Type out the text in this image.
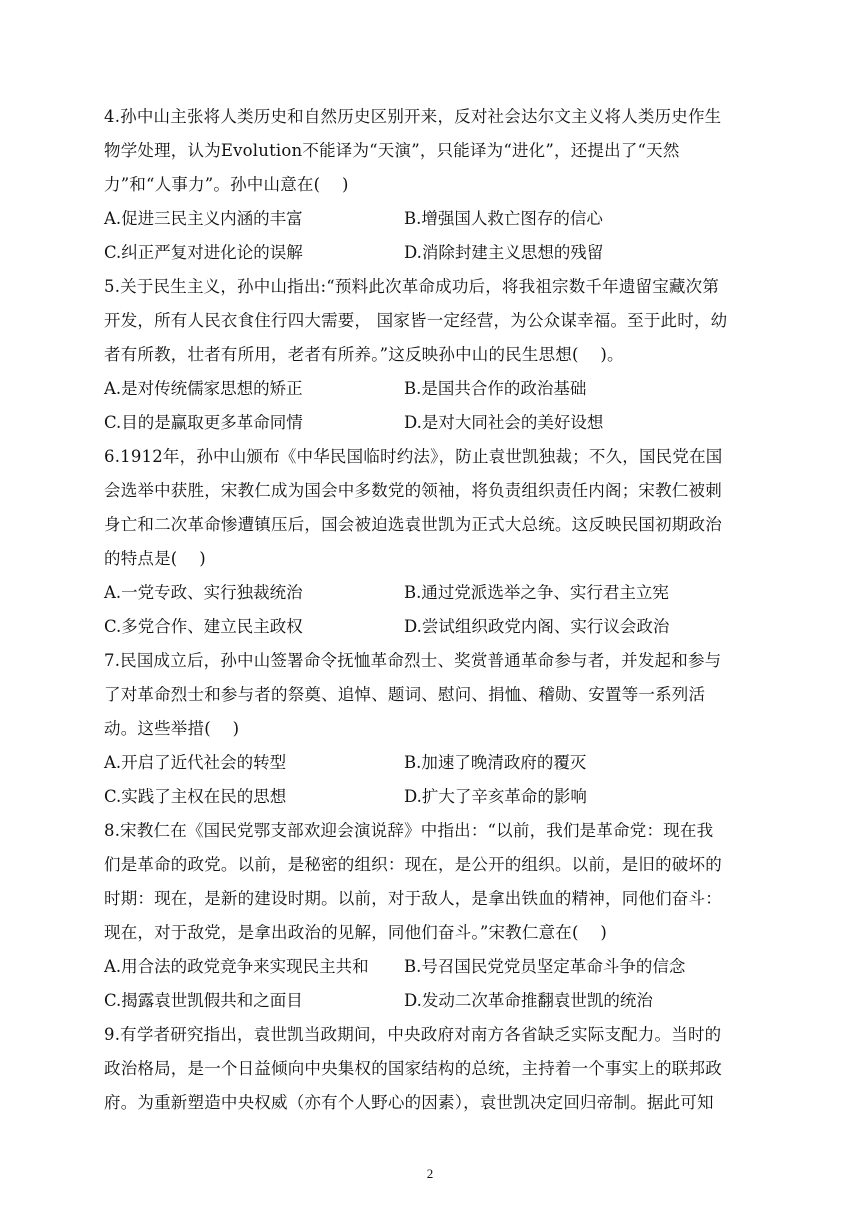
4.孙中山主张将人类历史和自然历史区别开来，反对社会达尔文主义将人类历史作生
物学处理，认为Evolution不能译为“天演”，只能译为“进化”，还提出了“天然
力”和“人事力”。孙中山意在(    )
A.促进三民主义内涵的丰富	B.增强国人救亡图存的信心
C.纠正严复对进化论的误解	D.消除封建主义思想的残留
5.关于民生主义，孙中山指出:“预料此次革命成功后，将我祖宗数千年遗留宝藏次第
开发，所有人民衣食住行四大需要， 国家皆一定经营，为公众谋幸福。至于此时，幼
者有所教，壮者有所用，老者有所养。”这反映孙中山的民生思想(    )。
A.是对传统儒家思想的矫正	B.是国共合作的政治基础
C.目的是赢取更多革命同情	D.是对大同社会的美好设想
6.1912年，孙中山颁布《中华民国临时约法》，防止袁世凯独裁；不久，国民党在国
会选举中获胜，宋教仁成为国会中多数党的领袖，将负责组织责任内阁；宋教仁被刺
身亡和二次革命惨遭镇压后，国会被迫选袁世凯为正式大总统。这反映民国初期政治
的特点是(    )
A.一党专政、实行独裁统治	B.通过党派选举之争、实行君主立宪
C.多党合作、建立民主政权	D.尝试组织政党内阁、实行议会政治
7.民国成立后，孙中山签署命令抚恤革命烈士、奖赏普通革命参与者，并发起和参与
了对革命烈士和参与者的祭奠、追悼、题词、慰问、捐恤、稽勋、安置等一系列活
动。这些举措(    )
A.开启了近代社会的转型	B.加速了晚清政府的覆灭
C.实践了主权在民的思想	D.扩大了辛亥革命的影响
8.宋教仁在《国民党鄂支部欢迎会演说辞》中指出：“以前，我们是革命党：现在我
们是革命的政党。以前，是秘密的组织：现在，是公开的组织。以前，是旧的破坏的
时期：现在，是新的建设时期。以前，对于敌人，是拿出铁血的精神，同他们奋斗：
现在，对于敌党，是拿出政治的见解，同他们奋斗。”宋教仁意在(    )
A.用合法的政党竞争来实现民主共和	B.号召国民党党员坚定革命斗争的信念
C.揭露袁世凯假共和之面目	D.发动二次革命推翻袁世凯的统治
9.有学者研究指出，袁世凯当政期间，中央政府对南方各省缺乏实际支配力。当时的
政治格局，是一个日益倾向中央集权的国家结构的总统，主持着一个事实上的联邦政
府。为重新塑造中央权威（亦有个人野心的因素），袁世凯决定回归帝制。据此可知
2
